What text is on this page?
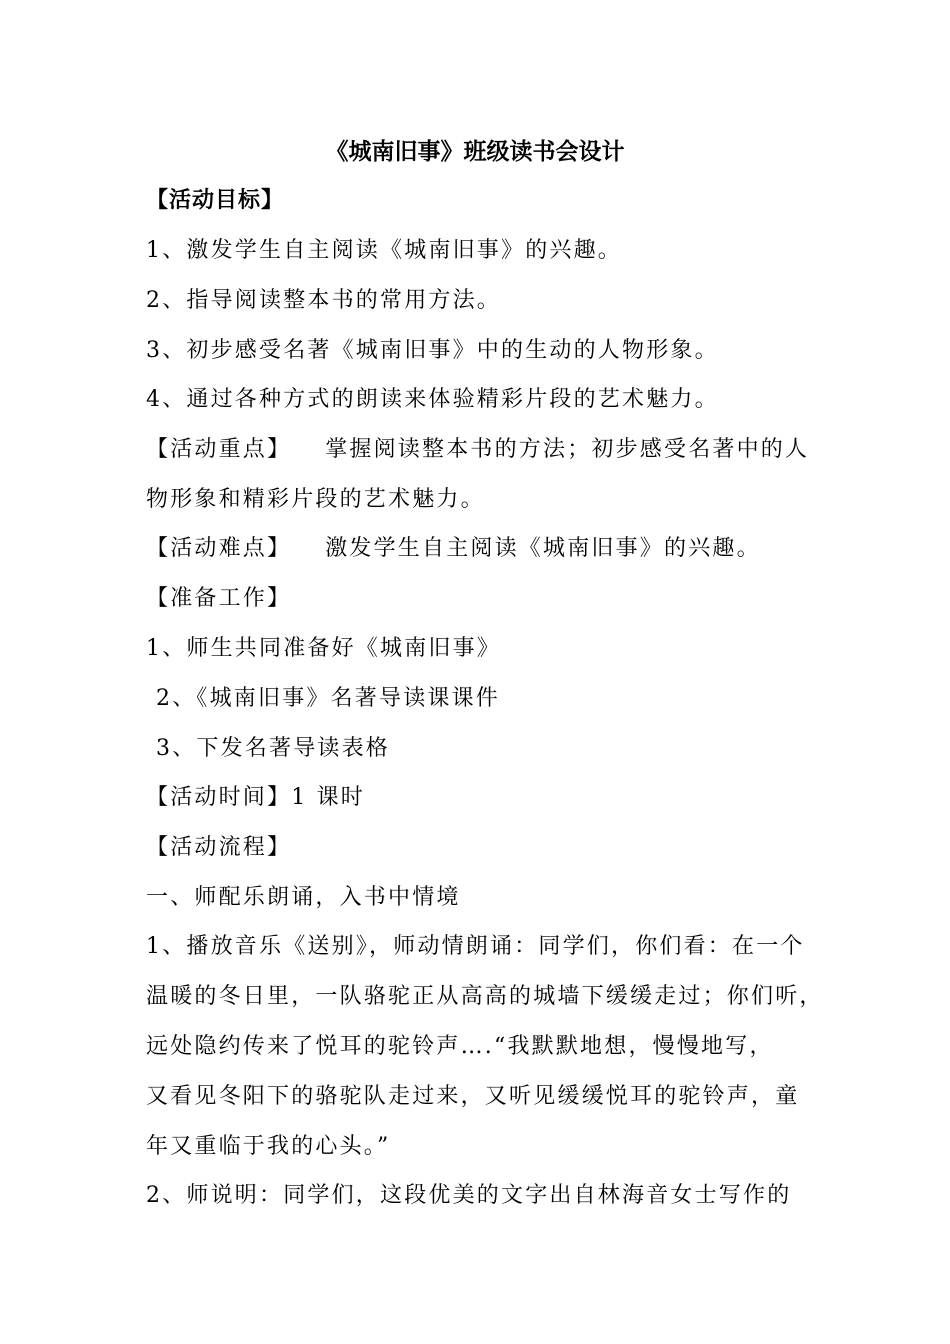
《城南旧事》班级读书会设计
【活动目标】
1、激发学生自主阅读《城南旧事》的兴趣。
2、指导阅读整本书的常用方法。
3、初步感受名著《城南旧事》中的生动的人物形象。
4、通过各种方式的朗读来体验精彩片段的艺术魅力。
【活动重点】 掌握阅读整本书的方法；初步感受名著中的人
物形象和精彩片段的艺术魅力。
【活动难点】 激发学生自主阅读《城南旧事》的兴趣。
【准备工作】
1、师生共同准备好《城南旧事》
2、《城南旧事》名著导读课课件
3、下发名著导读表格
【活动时间】1 课时
【活动流程】
一、师配乐朗诵，入书中情境
1、播放音乐《送别》，师动情朗诵：同学们，你们看：在一个
温暖的冬日里，一队骆驼正从高高的城墙下缓缓走过；你们听，
远处隐约传来了悦耳的驼铃声….“我默默地想，慢慢地写，
又看见冬阳下的骆驼队走过来，又听见缓缓悦耳的驼铃声，童
年又重临于我的心头。”
2、师说明：同学们，这段优美的文字出自林海音女士写作的
